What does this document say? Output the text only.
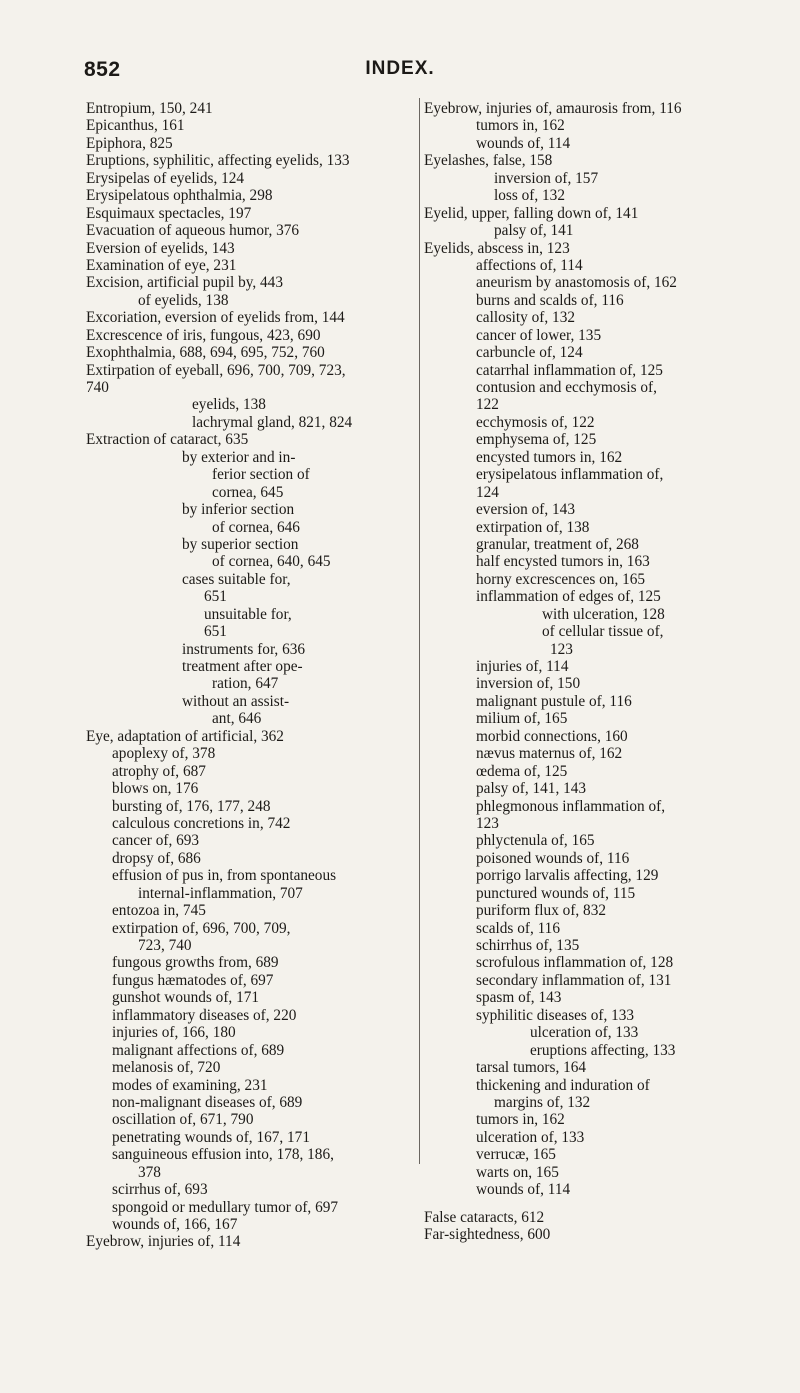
852	INDEX.
Entropium, 150, 241
Epicanthus, 161
Epiphora, 825
Eruptions, syphilitic, affecting eyelids, 133
Erysipelas of eyelids, 124
Erysipelatous ophthalmia, 298
Esquimaux spectacles, 197
Evacuation of aqueous humor, 376
Eversion of eyelids, 143
Examination of eye, 231
Excision, artificial pupil by, 443
of eyelids, 138
Excoriation, eversion of eyelids from, 144
Excrescence of iris, fungous, 423, 690
Exophthalmia, 688, 694, 695, 752, 760
Extirpation of eyeball, 696, 700, 709, 723,
740
eyelids, 138
lachrymal gland, 821, 824
Extraction of cataract, 635
by exterior and in-
ferior section of
cornea, 645
by inferior section
of cornea, 646
by superior section
of cornea, 640, 645
cases suitable for,
651
unsuitable for,
651
instruments for, 636
treatment after ope-
ration, 647
without an assist-
ant, 646
Eye, adaptation of artificial, 362
apoplexy of, 378
atrophy of, 687
blows on, 176
bursting of, 176, 177, 248
calculous concretions in, 742
cancer of, 693
dropsy of, 686
effusion of pus in, from spontaneous
internal-inflammation, 707
entozoa in, 745
extirpation of, 696, 700, 709,
723, 740
fungous growths from, 689
fungus hæmatodes of, 697
gunshot wounds of, 171
inflammatory diseases of, 220
injuries of, 166, 180
malignant affections of, 689
melanosis of, 720
modes of examining, 231
non-malignant diseases of, 689
oscillation of, 671, 790
penetrating wounds of, 167, 171
sanguineous effusion into, 178, 186,
378
scirrhus of, 693
spongoid or medullary tumor of, 697
wounds of, 166, 167
Eyebrow, injuries of, 114
Eyebrow, injuries of, amaurosis from, 116
tumors in, 162
wounds of, 114
Eyelashes, false, 158
inversion of, 157
loss of, 132
Eyelid, upper, falling down of, 141
palsy of, 141
Eyelids, abscess in, 123
affections of, 114
aneurism by anastomosis of, 162
burns and scalds of, 116
callosity of, 132
cancer of lower, 135
carbuncle of, 124
catarrhal inflammation of, 125
contusion and ecchymosis of,
122
ecchymosis of, 122
emphysema of, 125
encysted tumors in, 162
erysipelatous inflammation of,
124
eversion of, 143
extirpation of, 138
granular, treatment of, 268
half encysted tumors in, 163
horny excrescences on, 165
inflammation of edges of, 125
with ulceration, 128
of cellular tissue of,
123
injuries of, 114
inversion of, 150
malignant pustule of, 116
milium of, 165
morbid connections, 160
nævus maternus of, 162
œdema of, 125
palsy of, 141, 143
phlegmonous inflammation of,
123
phlyctenula of, 165
poisoned wounds of, 116
porrigo larvalis affecting, 129
punctured wounds of, 115
puriform flux of, 832
scalds of, 116
schirrhus of, 135
scrofulous inflammation of, 128
secondary inflammation of, 131
spasm of, 143
syphilitic diseases of, 133
ulceration of, 133
eruptions affecting, 133
tarsal tumors, 164
thickening and induration of
margins of, 132
tumors in, 162
ulceration of, 133
verrucæ, 165
warts on, 165
wounds of, 114
False cataracts, 612
Far-sightedness, 600
